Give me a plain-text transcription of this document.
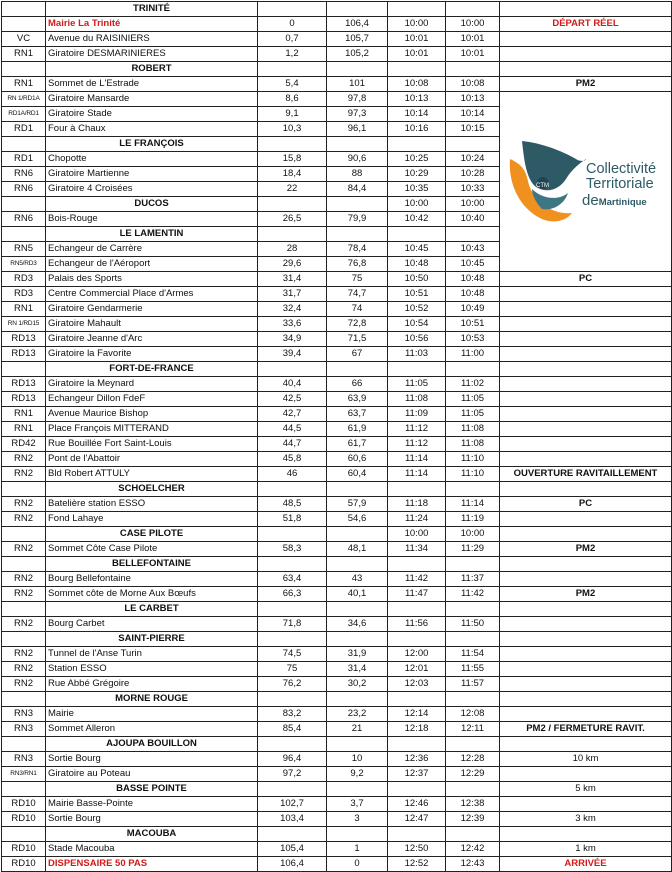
	TRINITÉ					
	Mairie La Trinité	0	106,4	10:00	10:00	DÉPART RÉEL
VC	Avenue du RAISINIERS	0,7	105,7	10:01	10:01	
RN1	Giratoire DESMARINIERES	1,2	105,2	10:01	10:01	
	ROBERT					
RN1	Sommet de L'Estrade	5,4	101	10:08	10:08	PM2
RN 1/RD1A	Giratoire Mansarde	8,6	97,8	10:13	10:13	CTM
Collectivité
Territoriale
deMartinique

RD1A/RD1	Giratoire Stade	9,1	97,3	10:14	10:14	
RD1	Four à Chaux	10,3	96,1	10:16	10:15	
	LE FRANÇOIS					
RD1	Chopotte	15,8	90,6	10:25	10:24	
RN6	Giratoire Martienne	18,4	88	10:29	10:28	
RN6	Giratoire 4 Croisées	22	84,4	10:35	10:33	
	DUCOS			10:00	10:00	
RN6	Bois-Rouge	26,5	79,9	10:42	10:40	
	LE LAMENTIN					
RN5	Echangeur de Carrère	28	78,4	10:45	10:43	
RN5/RD3	Echangeur de l'Aéroport	29,6	76,8	10:48	10:45	
RD3	Palais des Sports	31,4	75	10:50	10:48	PC
RD3	Centre Commercial Place d'Armes	31,7	74,7	10:51	10:48	
RN1	Giratoire Gendarmerie	32,4	74	10:52	10:49	
RN 1/RD15	Giratoire Mahault	33,6	72,8	10:54	10:51	
RD13	Giratoire Jeanne d'Arc	34,9	71,5	10:56	10:53	
RD13	Giratoire la Favorite	39,4	67	11:03	11:00	
	FORT-DE-FRANCE					
RD13	Giratoire la Meynard	40,4	66	11:05	11:02	
RD13	Echangeur Dillon FdeF	42,5	63,9	11:08	11:05	
RN1	Avenue Maurice Bishop	42,7	63,7	11:09	11:05	
RN1	Place François MITTERAND	44,5	61,9	11:12	11:08	
RD42	Rue Bouillée Fort Saint-Louis	44,7	61,7	11:12	11:08	
RN2	Pont de l'Abattoir	45,8	60,6	11:14	11:10	
RN2	Bld Robert ATTULY	46	60,4	11:14	11:10	OUVERTURE RAVITAILLEMENT
	SCHOELCHER					
RN2	Batelière station ESSO	48,5	57,9	11:18	11:14	PC
RN2	Fond Lahaye	51,8	54,6	11:24	11:19	
	CASE PILOTE			10:00	10:00	
RN2	Sommet Côte Case Pilote	58,3	48,1	11:34	11:29	PM2
	BELLEFONTAINE					
RN2	Bourg Bellefontaine	63,4	43	11:42	11:37	
RN2	Sommet côte de Morne Aux Bœufs	66,3	40,1	11:47	11:42	PM2
	LE CARBET					
RN2	Bourg Carbet	71,8	34,6	11:56	11:50	
	SAINT-PIERRE					
RN2	Tunnel de l'Anse Turin	74,5	31,9	12:00	11:54	
RN2	Station ESSO	75	31,4	12:01	11:55	
RN2	Rue Abbé Grégoire	76,2	30,2	12:03	11:57	
	MORNE ROUGE					
RN3	Mairie	83,2	23,2	12:14	12:08	
RN3	Sommet Alleron	85,4	21	12:18	12:11	PM2 / FERMETURE RAVIT.
	AJOUPA BOUILLON					
RN3	Sortie Bourg	96,4	10	12:36	12:28	10 km
RN3/RN1	Giratoire au Poteau	97,2	9,2	12:37	12:29	
	BASSE POINTE					5 km
RD10	Mairie Basse-Pointe	102,7	3,7	12:46	12:38	
RD10	Sortie Bourg	103,4	3	12:47	12:39	3 km
	MACOUBA					
RD10	Stade Macouba	105,4	1	12:50	12:42	1 km
RD10	DISPENSAIRE 50 PAS	106,4	0	12:52	12:43	ARRIVÉE
